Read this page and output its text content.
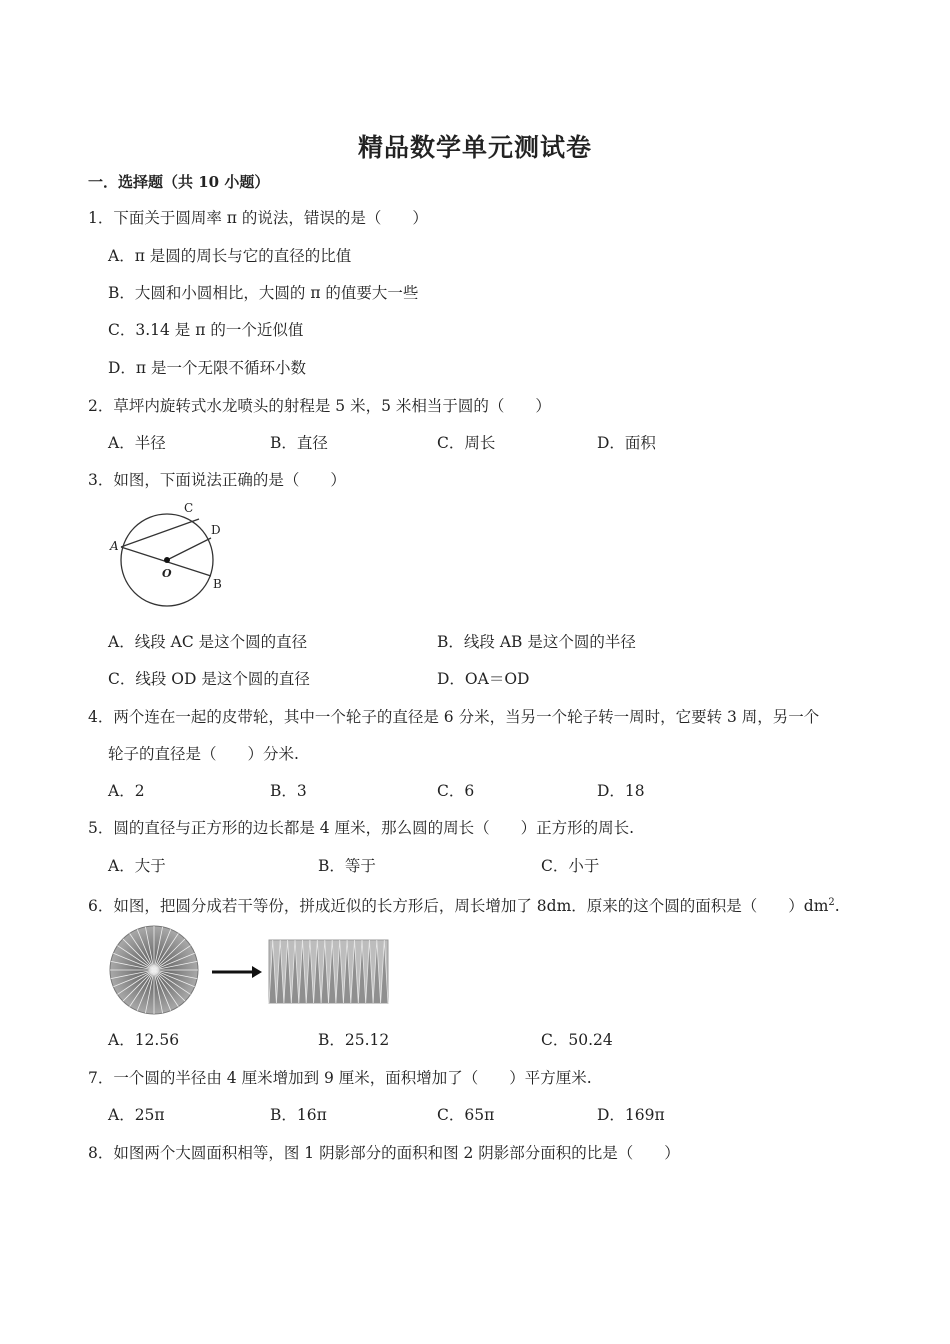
精品数学单元测试卷
一．选择题（共 10 小题）
1．下面关于圆周率 π 的说法，错误的是（　　）
A．π 是圆的周长与它的直径的比值
B．大圆和小圆相比，大圆的 π 的值要大一些
C．3.14 是 π 的一个近似值
D．π 是一个无限不循环小数
2．草坪内旋转式水龙喷头的射程是 5 米，5 米相当于圆的（　　）
A．半径	B．直径	C．周长	D．面积
3．如图，下面说法正确的是（　　）
A
C
D
O
B
A．线段 AC 是这个圆的直径	B．线段 AB 是这个圆的半径
C．线段 OD 是这个圆的直径	D．OA＝OD
4．两个连在一起的皮带轮，其中一个轮子的直径是 6 分米，当另一个轮子转一周时，它要转 3 周，另一个
轮子的直径是（　　）分米.
A．2	B．3	C．6	D．18
5．圆的直径与正方形的边长都是 4 厘米，那么圆的周长（　　）正方形的周长.
A．大于	B．等于	C．小于
6．如图，把圆分成若干等份，拼成近似的长方形后，周长增加了 8dm．原来的这个圆的面积是（　　）$dm^2$.
A．12.56	B．25.12	C．50.24
7．一个圆的半径由 4 厘米增加到 9 厘米，面积增加了（　　）平方厘米.
A．25π	B．16π	C．65π	D．169π
8．如图两个大圆面积相等，图 1 阴影部分的面积和图 2 阴影部分面积的比是（　　）
